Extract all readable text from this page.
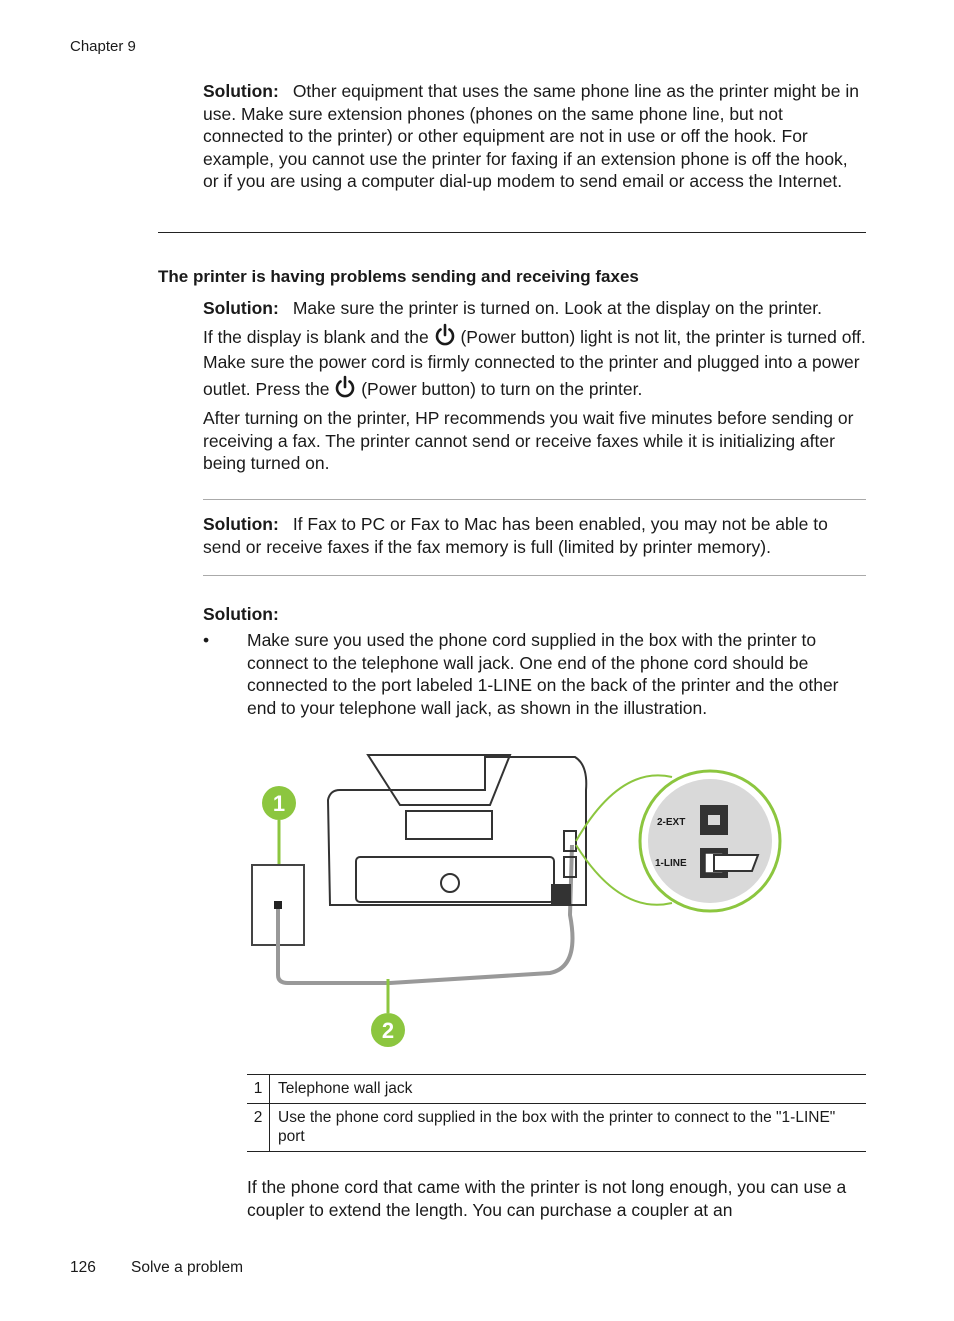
Chapter 9
Solution: Other equipment that uses the same phone line as the printer might be in use. Make sure extension phones (phones on the same phone line, but not connected to the printer) or other equipment are not in use or off the hook. For example, you cannot use the printer for faxing if an extension phone is off the hook, or if you are using a computer dial-up modem to send email or access the Internet.
The printer is having problems sending and receiving faxes
Solution: Make sure the printer is turned on. Look at the display on the printer.
If the display is blank and the (Power button) light is not lit, the printer is turned off. Make sure the power cord is firmly connected to the printer and plugged into a power outlet. Press the (Power button) to turn on the printer.
After turning on the printer, HP recommends you wait five minutes before sending or receiving a fax. The printer cannot send or receive faxes while it is initializing after being turned on.
Solution: If Fax to PC or Fax to Mac has been enabled, you may not be able to send or receive faxes if the fax memory is full (limited by printer memory).
Solution:
• Make sure you used the phone cord supplied in the box with the printer to connect to the telephone wall jack. One end of the phone cord should be connected to the port labeled 1-LINE on the back of the printer and the other end to your telephone wall jack, as shown in the illustration.
1
2
2-EXT
1-LINE
1	Telephone wall jack
2	Use the phone cord supplied in the box with the printer to connect to the "1-LINE" port
If the phone cord that came with the printer is not long enough, you can use a coupler to extend the length. You can purchase a coupler at an
126 Solve a problem
